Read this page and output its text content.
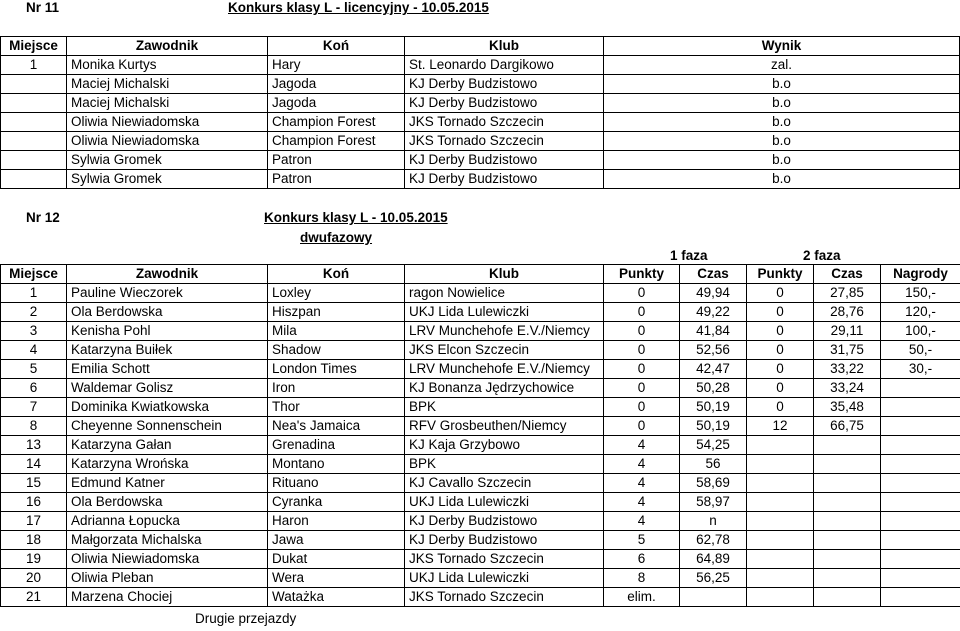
Nr 11	Konkurs klasy L - licencyjny - 10.05.2015
Miejsce	Zawodnik	Koń	Klub	Wynik
1	Monika Kurtys	Hary	St. Leonardo Dargikowo	zal.
	Maciej Michalski	Jagoda	KJ Derby Budzistowo	b.o
	Maciej Michalski	Jagoda	KJ Derby Budzistowo	b.o
	Oliwia Niewiadomska	Champion Forest	JKS Tornado Szczecin	b.o
	Oliwia Niewiadomska	Champion Forest	JKS Tornado Szczecin	b.o
	Sylwia Gromek	Patron	KJ Derby Budzistowo	b.o
	Sylwia Gromek	Patron	KJ Derby Budzistowo	b.o
Nr 12	Konkurs klasy L - 10.05.2015
dwufazowy
1 faza	2 faza
Miejsce	Zawodnik	Koń	Klub	Punkty	Czas	Punkty	Czas	Nagrody
1	Pauline Wieczorek	Loxley	ragon Nowielice	0	49,94	0	27,85	150,-
2	Ola Berdowska	Hiszpan	UKJ Lida Lulewiczki	0	49,22	0	28,76	120,-
3	Kenisha Pohl	Mila	LRV Munchehofe E.V./Niemcy	0	41,84	0	29,11	100,-
4	Katarzyna Buiłek	Shadow	JKS Elcon Szczecin	0	52,56	0	31,75	50,-
5	Emilia Schott	London Times	LRV Munchehofe E.V./Niemcy	0	42,47	0	33,22	30,-
6	Waldemar Golisz	Iron	KJ Bonanza Jędrzychowice	0	50,28	0	33,24	
7	Dominika Kwiatkowska	Thor	BPK	0	50,19	0	35,48	
8	Cheyenne Sonnenschein	Nea's Jamaica	RFV Grosbeuthen/Niemcy	0	50,19	12	66,75	
13	Katarzyna Gałan	Grenadina	KJ Kaja Grzybowo	4	54,25			
14	Katarzyna Wrońska	Montano	BPK	4	56			
15	Edmund Katner	Rituano	KJ Cavallo Szczecin	4	58,69			
16	Ola Berdowska	Cyranka	UKJ Lida Lulewiczki	4	58,97			
17	Adrianna Łopucka	Haron	KJ Derby Budzistowo	4	n			
18	Małgorzata Michalska	Jawa	KJ Derby Budzistowo	5	62,78			
19	Oliwia Niewiadomska	Dukat	JKS Tornado Szczecin	6	64,89			
20	Oliwia Pleban	Wera	UKJ Lida Lulewiczki	8	56,25			
21	Marzena Chociej	Watażka	JKS Tornado Szczecin	elim.				
Drugie przejazdy
